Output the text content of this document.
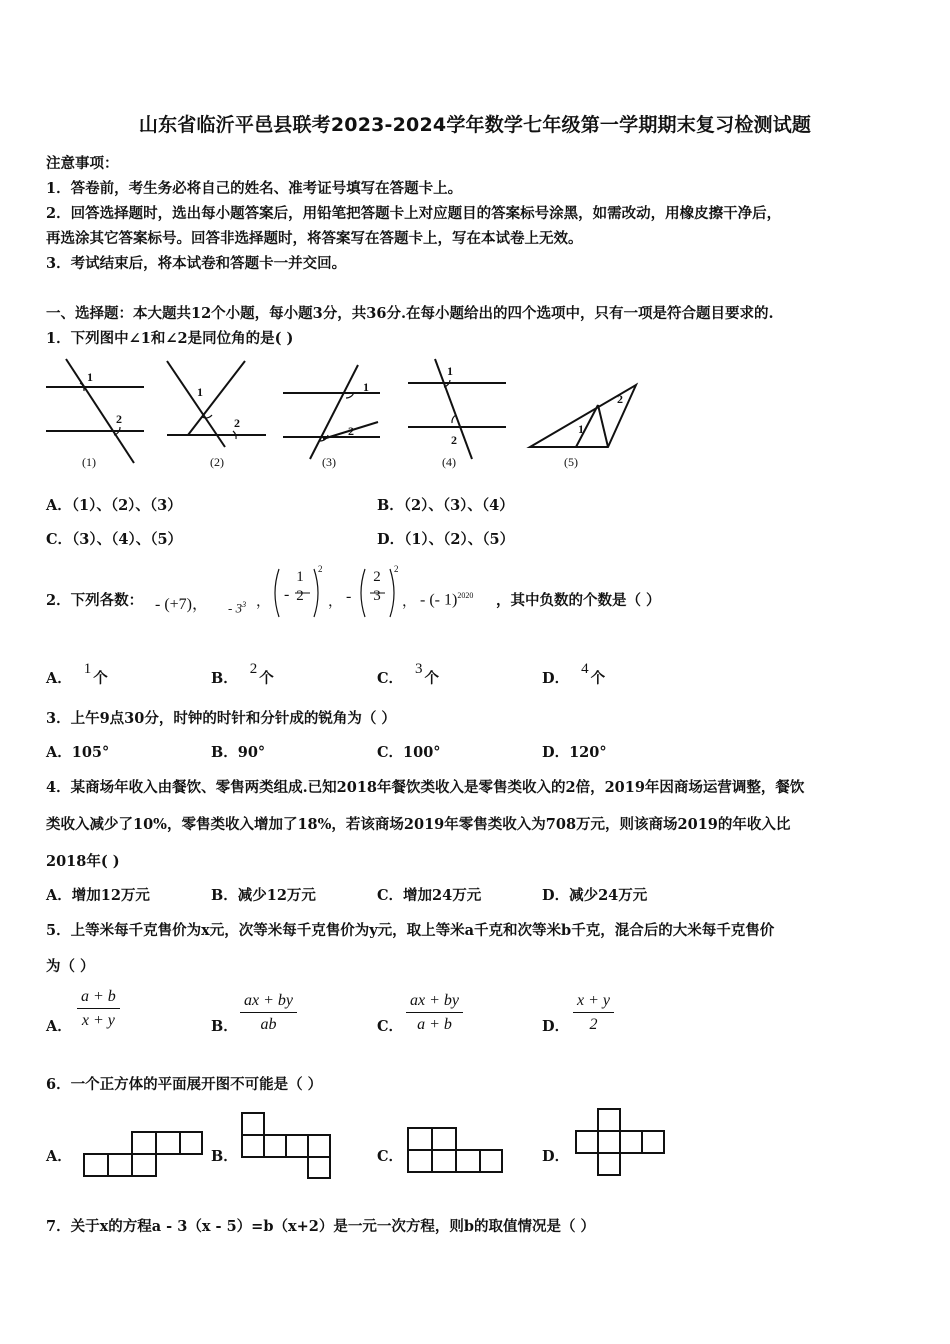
山东省临沂平邑县联考2023-2024学年数学七年级第一学期期末复习检测试题
注意事项：
1．答卷前，考生务必将自己的姓名、准考证号填写在答题卡上。
2．回答选择题时，选出每小题答案后，用铅笔把答题卡上对应题目的答案标号涂黑，如需改动，用橡皮擦干净后，
再选涂其它答案标号。回答非选择题时，将答案写在答题卡上，写在本试卷上无效。
3．考试结束后，将本试卷和答题卡一并交回。
一、选择题：本大题共12个小题，每小题3分，共36分.在每小题给出的四个选项中，只有一项是符合题目要求的.
1．下列图中∠1和∠2是同位角的是( )
1
2
1
2
1
2
1
2
1
2
(1)	(2)	(3)	(4)	(5)
A．（1）、（2）、（3）	B．（2）、（3）、（4）
C．（3）、（4）、（5）	D．（1）、（2）、（5）
2．下列各数： - (+7)， - $3^3$ ， -
1
2
2
， -
2
3
2
， - (- 1)$^{2020}$ ，其中负数的个数是（ ）
A．$^1$个	B．$^2$个	C．$^3$个	D．$^4$个
3．上午9点30分，时钟的时针和分针成的锐角为（ ）
A．105°	B．90°	C．100°	D．120°
4．某商场年收入由餐饮、零售两类组成.已知2018年餐饮类收入是零售类收入的2倍，2019年因商场运营调整，餐饮
类收入减少了10%，零售类收入增加了18%，若该商场2019年零售类收入为708万元，则该商场2019的年收入比
2018年( )
A．增加12万元	B．减少12万元	C．增加24万元	D．减少24万元
5．上等米每千克售价为x元，次等米每千克售价为y元，取上等米a千克和次等米b千克，混合后的大米每千克售价
为（ ）
A． $\frac{a + b}{x + y}$	B． $\frac{ax + by}{ab}$	C． $\frac{ax + by}{a + b}$	D． $\frac{x + y}{2}$
6．一个正方体的平面展开图不可能是（ ）
A．	B．	C．	D．
7．关于x的方程a - 3（x - 5）=b（x+2）是一元一次方程，则b的取值情况是（ ）
